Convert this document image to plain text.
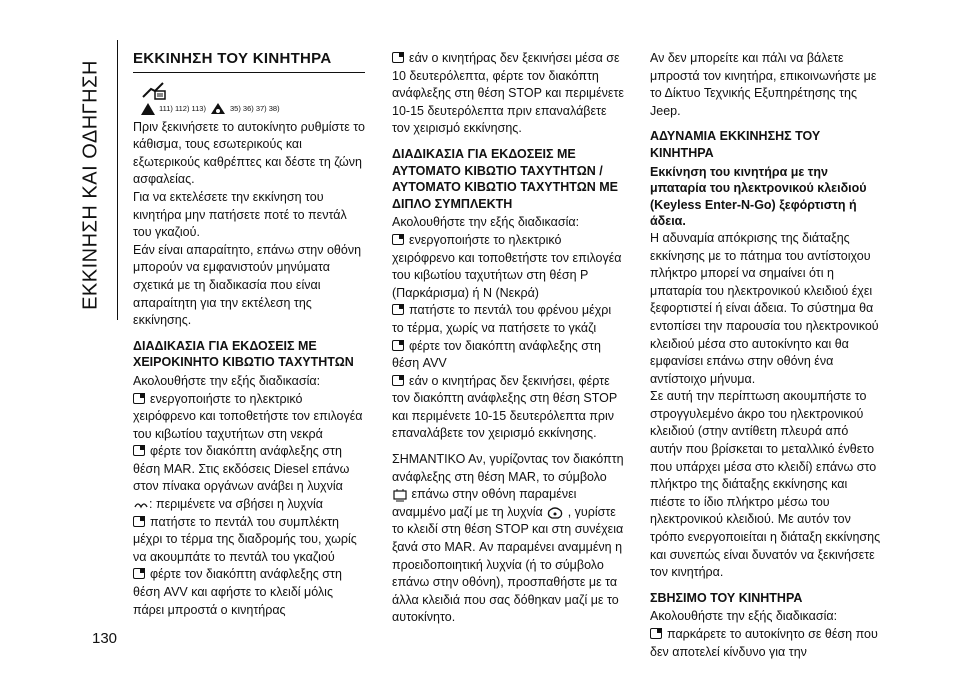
ΕΚΚΙΝΗΣΗ ΚΑΙ ΟΔΗΓΗΣΗ
130
ΕΚΚΙΝΗΣΗ ΤΟΥ ΚΙΝΗΤΗΡΑ
111) 112) 113)	35) 36) 37) 38)

Πριν ξεκινήσετε το αυτοκίνητο ρυθμίστε το κάθισμα, τους εσωτερικούς και εξωτερικούς καθρέπτες και δέστε τη ζώνη ασφαλείας.

Για να εκτελέσετε την εκκίνηση του κινητήρα μην πατήσετε ποτέ το πεντάλ του γκαζιού.

Εάν είναι απαραίτητο, επάνω στην οθόνη μπορούν να εμφανιστούν μηνύματα σχετικά με τη διαδικασία που είναι απαραίτητη για την εκτέλεση της εκκίνησης.

ΔΙΑΔΙΚΑΣΙΑ ΓΙΑ ΕΚΔΟΣΕΙΣ ΜΕ ΧΕΙΡΟΚΙΝΗΤΟ ΚΙΒΩΤΙΟ ΤΑΧΥΤΗΤΩΝ

Ακολουθήστε την εξής διαδικασία:

ενεργοποιήστε το ηλεκτρικό χειρόφρενο και τοποθετήστε τον επιλογέα του κιβωτίου ταχυτήτων στη νεκρά

φέρτε τον διακόπτη ανάφλεξης στη θέση MAR. Στις εκδόσεις Diesel επάνω στον πίνακα οργάνων ανάβει η λυχνία
: περιμένετε να σβήσει η λυχνία

πατήστε το πεντάλ του συμπλέκτη μέχρι το τέρμα της διαδρομής του, χωρίς να ακουμπάτε το πεντάλ του γκαζιού

φέρτε τον διακόπτη ανάφλεξης στη θέση AVV και αφήστε το κλειδί μόλις πάρει μπροστά ο κινητήρας

εάν ο κινητήρας δεν ξεκινήσει μέσα σε 10 δευτερόλεπτα, φέρτε τον διακόπτη ανάφλεξης στη θέση STOP και περιμένετε 10-15 δευτερόλεπτα πριν επαναλάβετε τον χειρισμό εκκίνησης.

ΔΙΑΔΙΚΑΣΙΑ ΓΙΑ ΕΚΔΟΣΕΙΣ ΜΕ ΑΥΤΟΜΑΤΟ ΚΙΒΩΤΙΟ ΤΑΧΥΤΗΤΩΝ / ΑΥΤΟΜΑΤΟ ΚΙΒΩΤΙΟ ΤΑΧΥΤΗΤΩΝ ΜΕ ΔΙΠΛΟ ΣΥΜΠΛΕΚΤΗ

Ακολουθήστε την εξής διαδικασία:

ενεργοποιήστε το ηλεκτρικό χειρόφρενο και τοποθετήστε τον επιλογέα του κιβωτίου ταχυτήτων στη θέση P (Παρκάρισμα) ή N (Νεκρά)

πατήστε το πεντάλ του φρένου μέχρι το τέρμα, χωρίς να πατήσετε το γκάζι

φέρτε τον διακόπτη ανάφλεξης στη θέση AVV

εάν ο κινητήρας δεν ξεκινήσει, φέρτε τον διακόπτη ανάφλεξης στη θέση STOP και περιμένετε 10-15 δευτερόλεπτα πριν επαναλάβετε τον χειρισμό εκκίνησης.

ΣΗΜΑΝΤΙΚΟ Αν, γυρίζοντας τον διακόπτη ανάφλεξης στη θέση MAR, το σύμβολο  επάνω στην οθόνη παραμένει αναμμένο μαζί με τη λυχνία , γυρίστε το κλειδί στη θέση STOP και στη συνέχεια ξανά στο MAR. Αν παραμένει αναμμένη η προειδοποιητική λυχνία (ή το σύμβολο επάνω στην οθόνη), προσπαθήστε με τα άλλα κλειδιά που σας δόθηκαν μαζί με το αυτοκίνητο.

Αν δεν μπορείτε και πάλι να βάλετε μπροστά τον κινητήρα, επικοινωνήστε με το Δίκτυο Τεχνικής Εξυπηρέτησης της Jeep.

ΑΔΥΝΑΜΙΑ ΕΚΚΙΝΗΣΗΣ ΤΟΥ ΚΙΝΗΤΗΡΑ

Εκκίνηση του κινητήρα με την μπαταρία του ηλεκτρονικού κλειδιού (Keyless Enter-N-Go) ξεφόρτιστη ή άδεια.

Η αδυναμία απόκρισης της διάταξης εκκίνησης με το πάτημα του αντίστοιχου πλήκτρο μπορεί να σημαίνει ότι η μπαταρία του ηλεκτρονικού κλειδιού έχει ξεφορτιστεί ή είναι άδεια. Το σύστημα θα εντοπίσει την παρουσία του ηλεκτρονικού κλειδιού μέσα στο αυτοκίνητο και θα εμφανίσει επάνω στην οθόνη ένα αντίστοιχο μήνυμα.

Σε αυτή την περίπτωση ακουμπήστε το στρογγυλεμένο άκρο του ηλεκτρονικού κλειδιού (στην αντίθετη πλευρά από αυτήν που βρίσκεται το μεταλλικό ένθετο που υπάρχει μέσα στο κλειδί) επάνω στο πλήκτρο της διάταξης εκκίνησης και πιέστε το ίδιο πλήκτρο μέσω του ηλεκτρονικού κλειδιού. Με αυτόν τον τρόπο ενεργοποιείται η διάταξη εκκίνησης και συνεπώς είναι δυνατόν να ξεκινήσετε τον κινητήρα.

ΣΒΗΣΙΜΟ ΤΟΥ ΚΙΝΗΤΗΡΑ

Ακολουθήστε την εξής διαδικασία:

παρκάρετε το αυτοκίνητο σε θέση που δεν αποτελεί κίνδυνο για την
